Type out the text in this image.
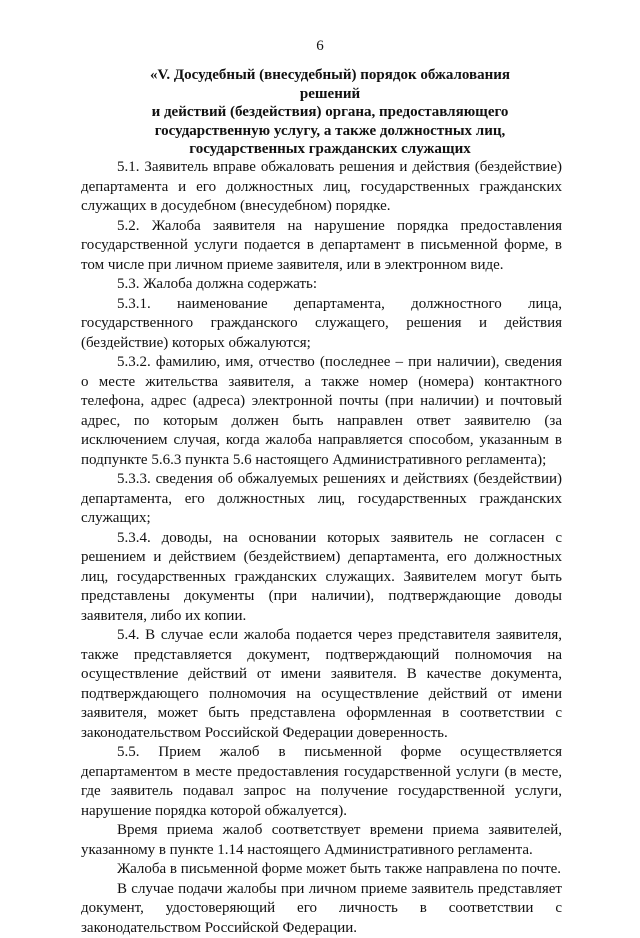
6
«V. Досудебный (внесудебный) порядок обжалования решений
и действий (бездействия) органа, предоставляющего
государственную услугу, а также должностных лиц,
государственных гражданских служащих

5.1. Заявитель вправе обжаловать решения и действия (бездействие) департамента и его должностных лиц, государственных гражданских служащих в досудебном (внесудебном) порядке.

5.2. Жалоба заявителя на нарушение порядка предоставления государственной услуги подается в департамент в письменной форме, в том числе при личном приеме заявителя, или в электронном виде.

5.3. Жалоба должна содержать:

5.3.1. наименование департамента, должностного лица, государственного гражданского служащего, решения и действия (бездействие) которых обжалуются;

5.3.2. фамилию, имя, отчество (последнее – при наличии), сведения о месте жительства заявителя, а также номер (номера) контактного телефона, адрес (адреса) электронной почты (при наличии) и почтовый адрес, по которым должен быть направлен ответ заявителю (за исключением случая, когда жалоба направляется способом, указанным в подпункте 5.6.3 пункта 5.6 настоящего Административного регламента);

5.3.3. сведения об обжалуемых решениях и действиях (бездействии) департамента, его должностных лиц, государственных гражданских служащих;

5.3.4. доводы, на основании которых заявитель не согласен с решением и действием (бездействием) департамента, его должностных лиц, государственных гражданских служащих. Заявителем могут быть представлены документы (при наличии), подтверждающие доводы заявителя, либо их копии.

5.4. В случае если жалоба подается через представителя заявителя, также представляется документ, подтверждающий полномочия на осуществление действий от имени заявителя. В качестве документа, подтверждающего полномочия на осуществление действий от имени заявителя, может быть представлена оформленная в соответствии с законодательством Российской Федерации доверенность.

5.5. Прием жалоб в письменной форме осуществляется департаментом в месте предоставления государственной услуги (в месте, где заявитель подавал запрос на получение государственной услуги, нарушение порядка которой обжалуется).

Время приема жалоб соответствует времени приема заявителей, указанному в пункте 1.14 настоящего Административного регламента.

Жалоба в письменной форме может быть также направлена по почте.

В случае подачи жалобы при личном приеме заявитель представляет документ, удостоверяющий его личность в соответствии с законодательством Российской Федерации.
